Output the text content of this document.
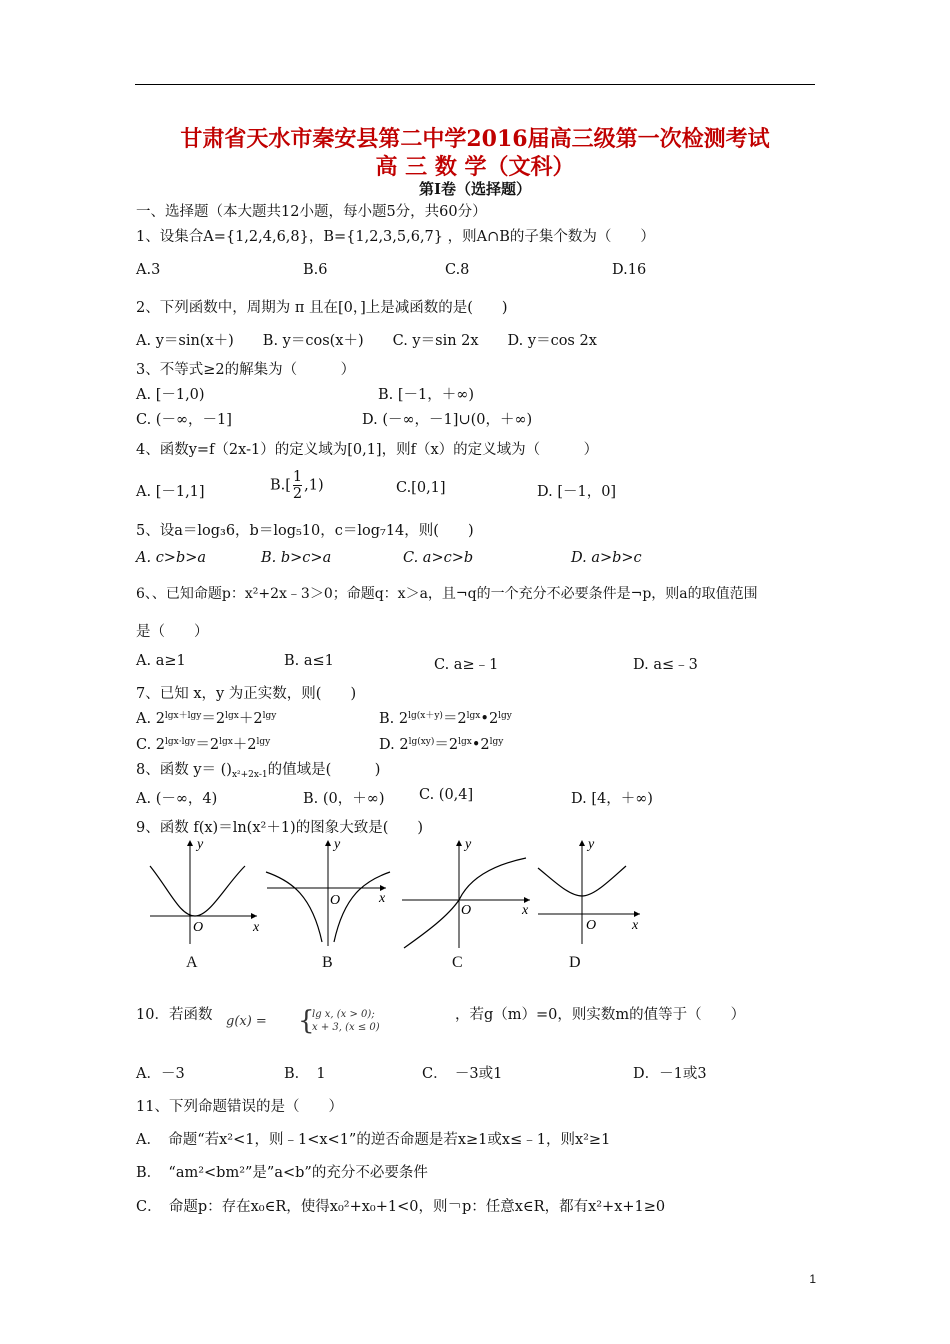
甘肃省天水市秦安县第二中学2016届高三级第一次检测考试
高 三 数 学（文科）
第Ⅰ卷（选择题）
一、选择题（本大题共12小题，每小题5分，共60分）
1、设集合A={1,2,4,6,8}，B={1,2,3,5,6,7} ，则A∩B的子集个数为（　　）
A.3	B.6	C.8	D.16
2、下列函数中，周期为 π 且在[0，]上是减函数的是(　　)
A. y＝sin(x＋)　　B. y＝cos(x＋)　　C. y＝sin 2x　　D. y＝cos 2x
3、不等式≥2的解集为（　　　）
A. [－1,0)	B. [－1，＋∞)
C. (－∞，－1]	D. (－∞，－1]∪(0，＋∞)
4、函数y=f（2x-1）的定义域为[0,1]，则f（x）的定义域为（　　　）
A. [－1,1]	$B.[ \frac{1}{2} ,1)$	C.[0,1]	D. [－1，0]
5、设a＝log₃6，b＝log₅10，c＝log₇14，则(　　)
A. c>b>a	B. b>c>a	C. a>c>b	D. a>b>c
6、、已知命题p：x²+2x﹣3＞0；命题q：x＞a，且¬q的一个充分不必要条件是¬p，则a的取值范围
是（　　）
A. a≥1	B. a≤1	C. a≥﹣1	D. a≤﹣3
7、已知 x，y 为正实数，则(　　)
A. $2^{lgx+lgy}=2^{lgx}+2^{lgy}$	B. $2^{lg(x+y)}=2^{lgx}•2^{lgy}$
C. $2^{lgx\cdot lgy}=2^{lgx}+2^{lgy}$	D. $2^{lg(xy)}=2^{lgx}•2^{lgy}$
8、函数 $y= ()_{x^2+2x-1}$的值域是(　　　)
A. (－∞，4)	B. (0，＋∞) C. (0,4]	D. [4，＋∞)
9、函数 f(x)＝ln(x²＋1)的图象大致是(　　)
y
x
O
A
y
x
O
B
y
x
O
C
y
x
O
D
10．若函数 g(x) = {
lg x, (x > 0);
x + 3, (x ≤ 0)
，若g（m）=0，则实数m的值等于（　　）
A．－3	B．　1	C．　－3或1	D．－1或3
11、下列命题错误的是（　　）
A．　命题“若x²<1，则﹣1<x<1”的逆否命题是若x≥1或x≤﹣1，则x²≥1
B．　“am²<bm²”是”a<b”的充分不必要条件
C．　命题p：存在x₀∈R，使得x₀²+x₀+1<0，则￢p：任意x∈R，都有x²+x+1≥0
1
